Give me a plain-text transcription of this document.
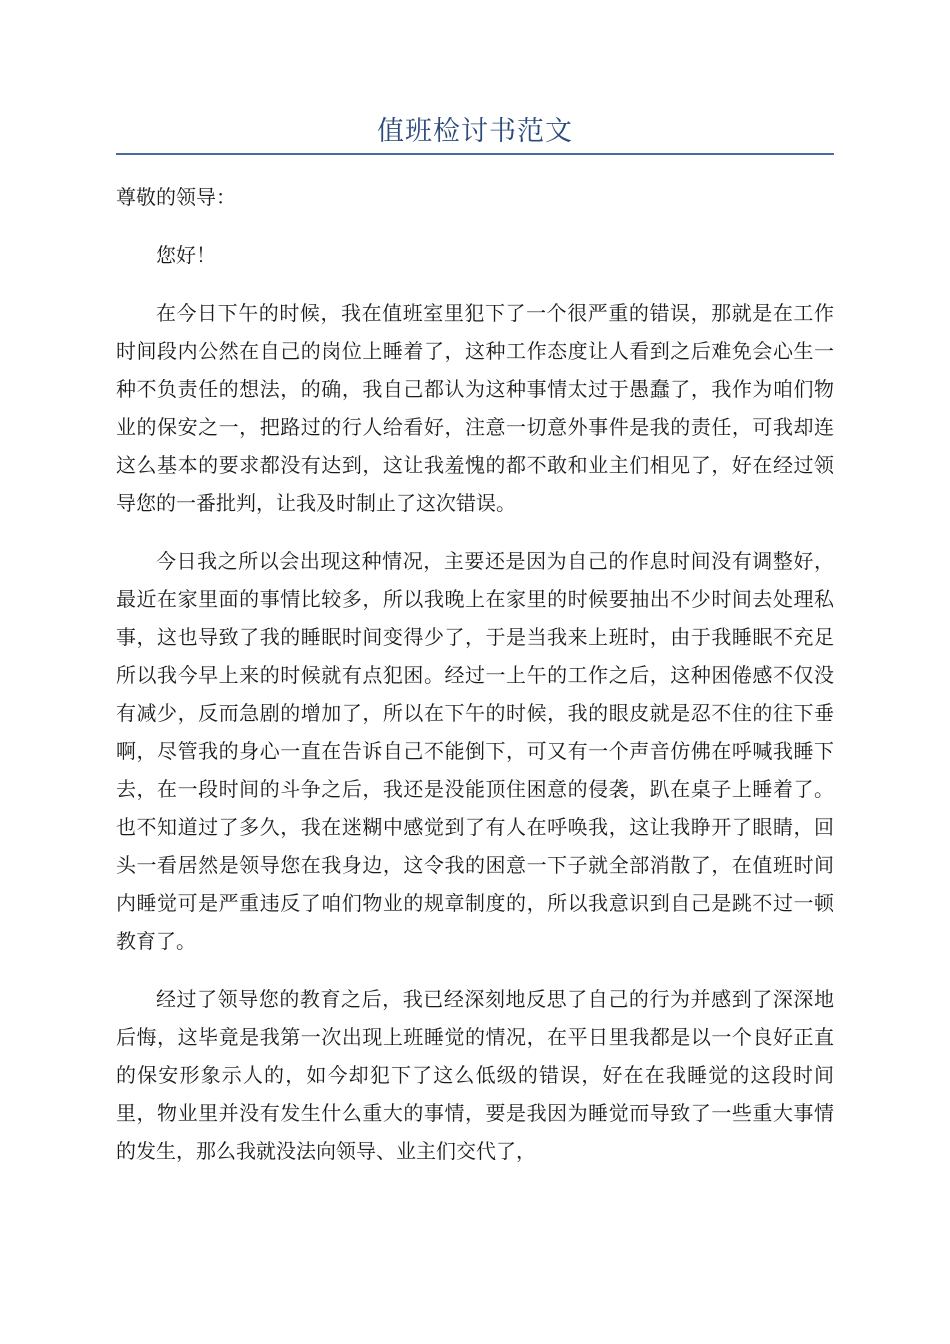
值班检讨书范文

尊敬的领导：

您好！

在今日下午的时候，我在值班室里犯下了一个很严重的错误，那就是在工作时间段内公然在自己的岗位上睡着了，这种工作态度让人看到之后难免会心生一种不负责任的想法，的确，我自己都认为这种事情太过于愚蠢了，我作为咱们物业的保安之一，把路过的行人给看好，注意一切意外事件是我的责任，可我却连这么基本的要求都没有达到，这让我羞愧的都不敢和业主们相见了，好在经过领导您的一番批判，让我及时制止了这次错误。

今日我之所以会出现这种情况，主要还是因为自己的作息时间没有调整好，最近在家里面的事情比较多，所以我晚上在家里的时候要抽出不少时间去处理私事，这也导致了我的睡眠时间变得少了，于是当我来上班时，由于我睡眠不充足所以我今早上来的时候就有点犯困。经过一上午的工作之后，这种困倦感不仅没有减少，反而急剧的增加了，所以在下午的时候，我的眼皮就是忍不住的往下垂啊，尽管我的身心一直在告诉自己不能倒下，可又有一个声音仿佛在呼喊我睡下去，在一段时间的斗争之后，我还是没能顶住困意的侵袭，趴在桌子上睡着了。也不知道过了多久，我在迷糊中感觉到了有人在呼唤我，这让我睁开了眼睛，回头一看居然是领导您在我身边，这令我的困意一下子就全部消散了，在值班时间内睡觉可是严重违反了咱们物业的规章制度的，所以我意识到自己是跳不过一顿教育了。

经过了领导您的教育之后，我已经深刻地反思了自己的行为并感到了深深地后悔，这毕竟是我第一次出现上班睡觉的情况，在平日里我都是以一个良好正直的保安形象示人的，如今却犯下了这么低级的错误，好在在我睡觉的这段时间里，物业里并没有发生什么重大的事情，要是我因为睡觉而导致了一些重大事情的发生，那么我就没法向领导、业主们交代了，
